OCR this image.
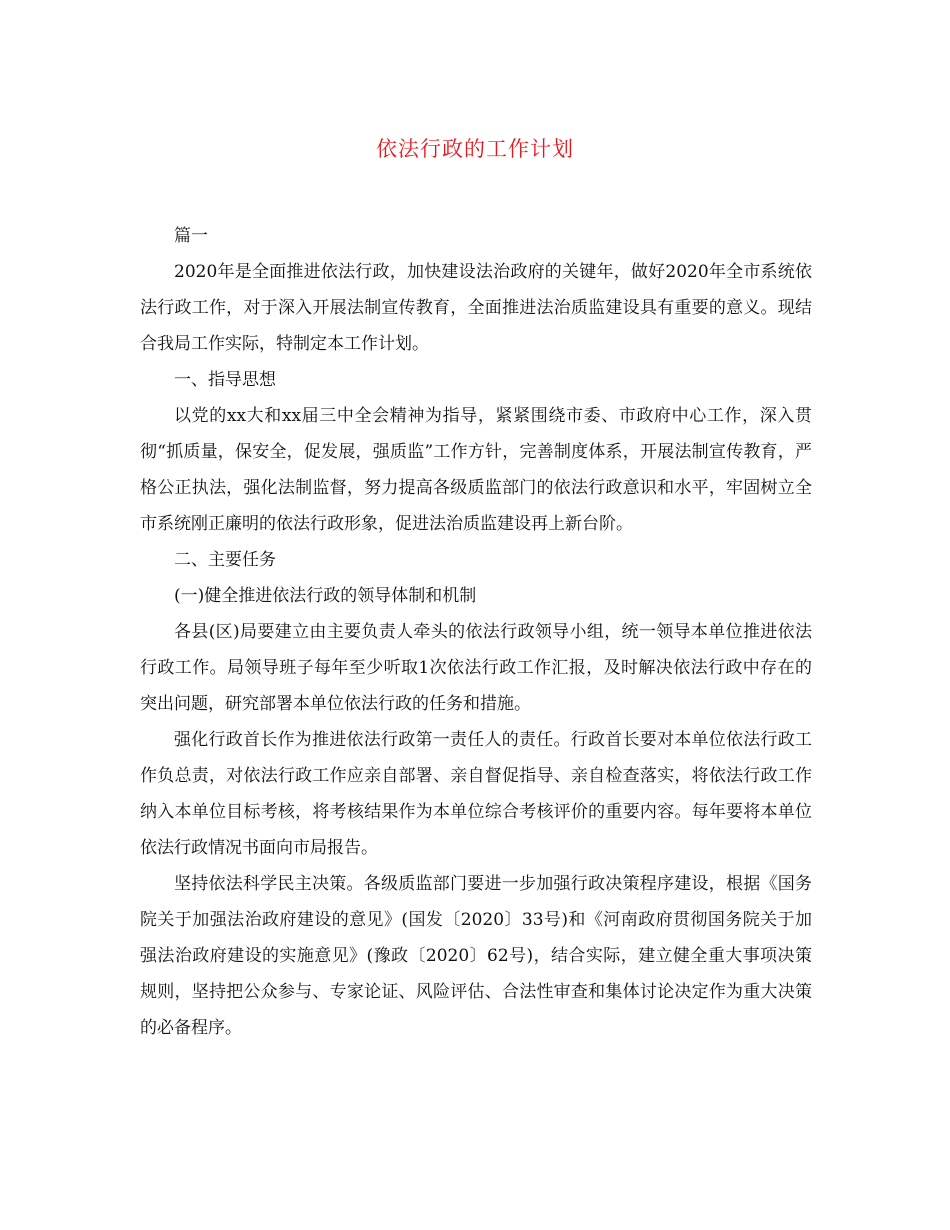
依法行政的工作计划

篇一

2020年是全面推进依法行政，加快建设法治政府的关键年，做好2020年全市系统依法行政工作，对于深入开展法制宣传教育，全面推进法治质监建设具有重要的意义。现结合我局工作实际，特制定本工作计划。

一、指导思想

以党的xx大和xx届三中全会精神为指导，紧紧围绕市委、市政府中心工作，深入贯彻“抓质量，保安全，促发展，强质监”工作方针，完善制度体系，开展法制宣传教育，严格公正执法，强化法制监督，努力提高各级质监部门的依法行政意识和水平，牢固树立全市系统刚正廉明的依法行政形象，促进法治质监建设再上新台阶。

二、主要任务

(一)健全推进依法行政的领导体制和机制

各县(区)局要建立由主要负责人牵头的依法行政领导小组，统一领导本单位推进依法行政工作。局领导班子每年至少听取1次依法行政工作汇报，及时解决依法行政中存在的突出问题，研究部署本单位依法行政的任务和措施。

强化行政首长作为推进依法行政第一责任人的责任。行政首长要对本单位依法行政工作负总责，对依法行政工作应亲自部署、亲自督促指导、亲自检查落实，将依法行政工作纳入本单位目标考核，将考核结果作为本单位综合考核评价的重要内容。每年要将本单位依法行政情况书面向市局报告。

坚持依法科学民主决策。各级质监部门要进一步加强行政决策程序建设，根据《国务院关于加强法治政府建设的意见》(国发〔2020〕33号)和《河南政府贯彻国务院关于加强法治政府建设的实施意见》(豫政〔2020〕62号)，结合实际，建立健全重大事项决策规则，坚持把公众参与、专家论证、风险评估、合法性审查和集体讨论决定作为重大决策的必备程序。
